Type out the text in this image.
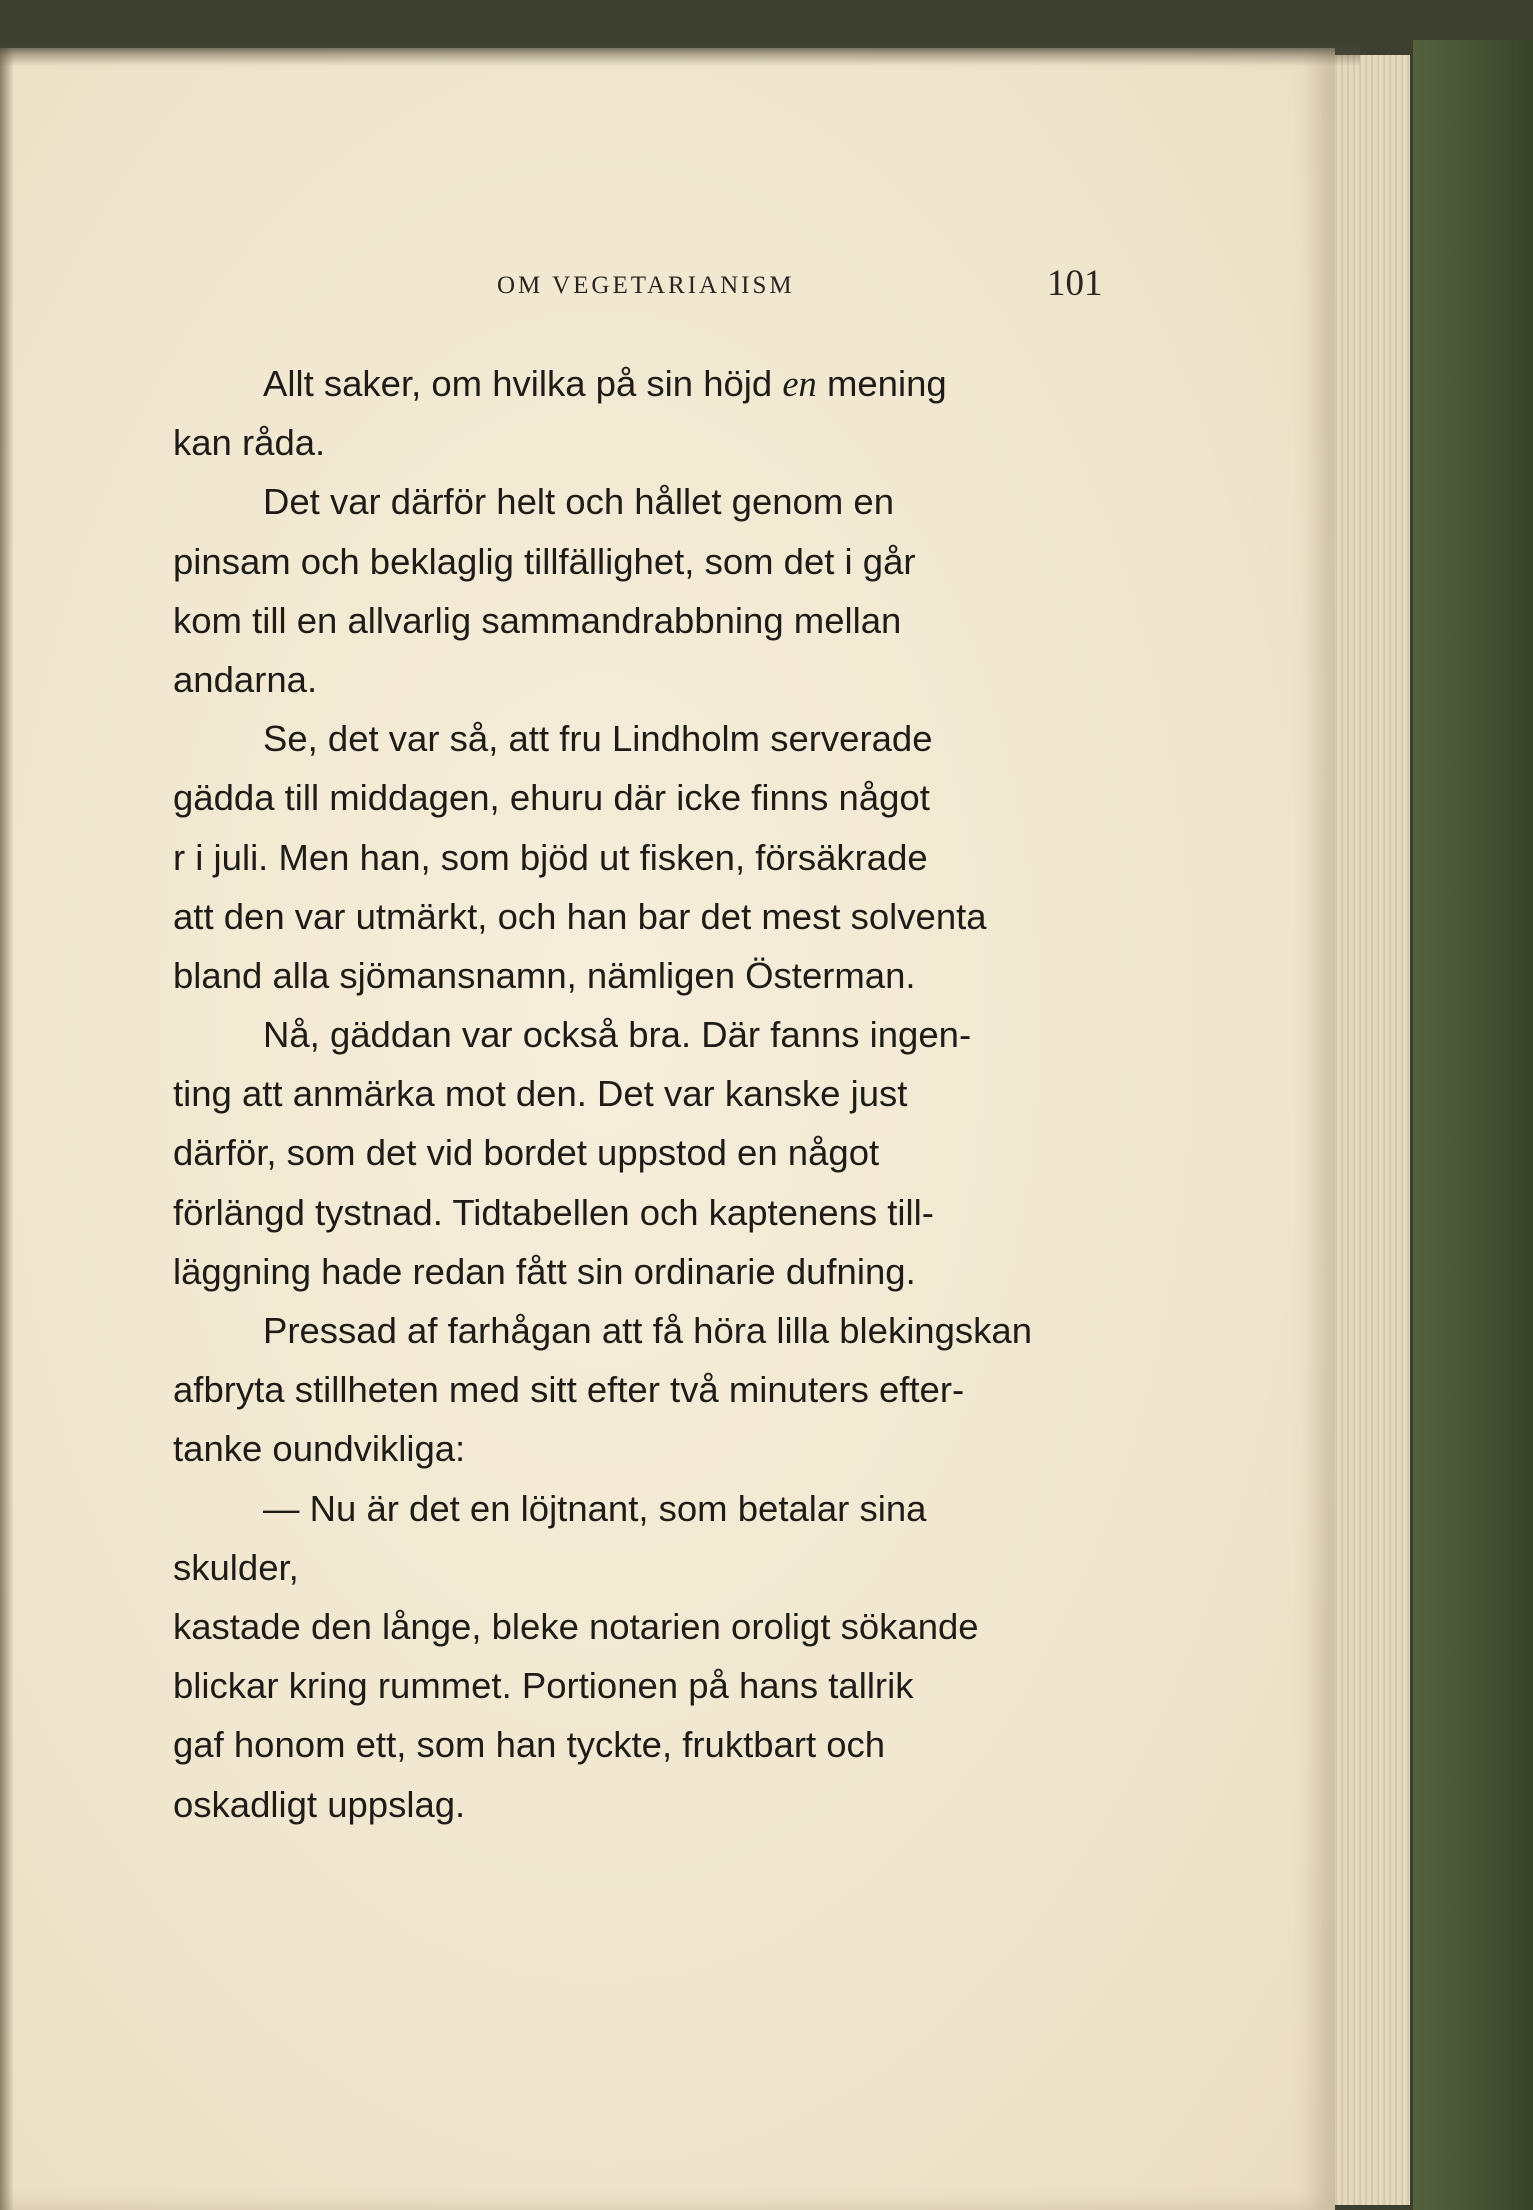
OM VEGETARIANISM	101

Allt saker, om hvilka på sin höjd en mening

kan råda.

Det var därför helt och hållet genom en

pinsam och beklaglig tillfällighet, som det i går
kom till en allvarlig sammandrabbning mellan
andarna.

Se, det var så, att fru Lindholm serverade

gädda till middagen, ehuru där icke finns något
r i juli. Men han, som bjöd ut fisken, försäkrade
att den var utmärkt, och han bar det mest solventa
bland alla sjömansnamn, nämligen Österman.

Nå, gäddan var också bra. Där fanns ingen-

ting att anmärka mot den. Det var kanske just
därför, som det vid bordet uppstod en något
förlängd tystnad. Tidtabellen och kaptenens till-
läggning hade redan fått sin ordinarie dufning.

Pressad af farhågan att få höra lilla blekingskan

afbryta stillheten med sitt efter två minuters efter-
tanke oundvikliga:

— Nu är det en löjtnant, som betalar sina

skulder,
kastade den långe, bleke notarien oroligt sökande
blickar kring rummet. Portionen på hans tallrik
gaf honom ett, som han tyckte, fruktbart och
oskadligt uppslag.
